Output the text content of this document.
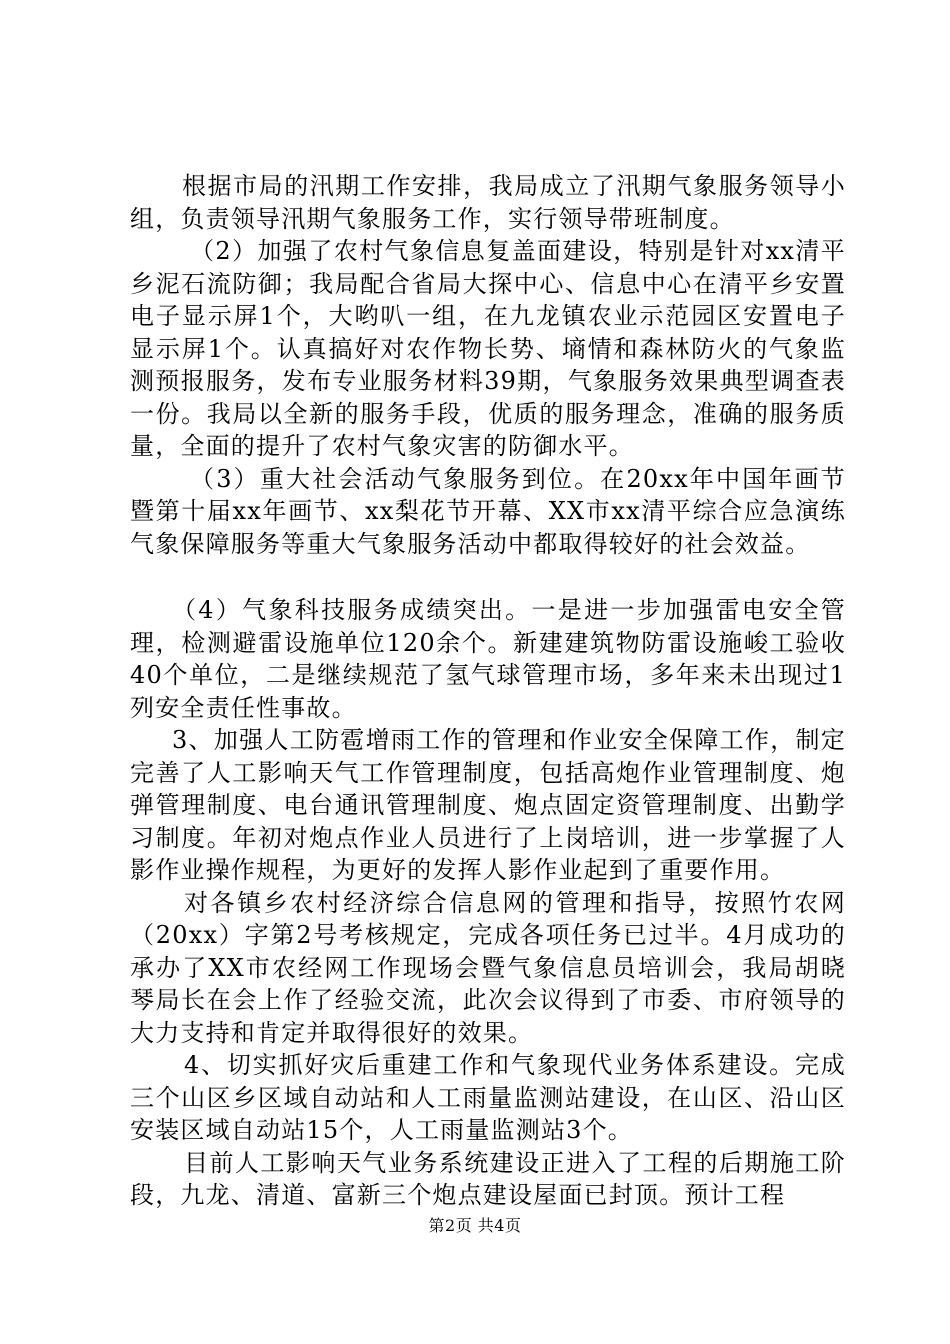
根据市局的汛期工作安排，我局成立了汛期气象服务领导小组，负责领导汛期气象服务工作，实行领导带班制度。

（2）加强了农村气象信息复盖面建设，特别是针对xx清平乡泥石流防御；我局配合省局大探中心、信息中心在清平乡安置电子显示屏1个，大哟叭一组，在九龙镇农业示范园区安置电子显示屏1个。认真搞好对农作物长势、墒情和森林防火的气象监测预报服务，发布专业服务材料39期，气象服务效果典型调查表一份。我局以全新的服务手段，优质的服务理念，准确的服务质量，全面的提升了农村气象灾害的防御水平。

（3）重大社会活动气象服务到位。在20xx年中国年画节暨第十届xx年画节、xx梨花节开幕、XX市xx清平综合应急演练气象保障服务等重大气象服务活动中都取得较好的社会效益。

（4）气象科技服务成绩突出。一是进一步加强雷电安全管理，检测避雷设施单位120余个。新建建筑物防雷设施峻工验收40个单位，二是继续规范了氢气球管理市场，多年来未出现过1列安全责任性事故。

3、加强人工防雹增雨工作的管理和作业安全保障工作，制定完善了人工影响天气工作管理制度，包括高炮作业管理制度、炮弹管理制度、电台通讯管理制度、炮点固定资管理制度、出勤学习制度。年初对炮点作业人员进行了上岗培训，进一步掌握了人影作业操作规程，为更好的发挥人影作业起到了重要作用。

对各镇乡农村经济综合信息网的管理和指导，按照竹农网（20xx）字第2号考核规定，完成各项任务已过半。4月成功的承办了XX市农经网工作现场会暨气象信息员培训会，我局胡晓琴局长在会上作了经验交流，此次会议得到了市委、市府领导的大力支持和肯定并取得很好的效果。

4、切实抓好灾后重建工作和气象现代业务体系建设。完成三个山区乡区域自动站和人工雨量监测站建设，在山区、沿山区安装区域自动站15个，人工雨量监测站3个。

目前人工影响天气业务系统建设正进入了工程的后期施工阶段，九龙、清道、富新三个炮点建设屋面已封顶。预计工程

第2页 共4页
